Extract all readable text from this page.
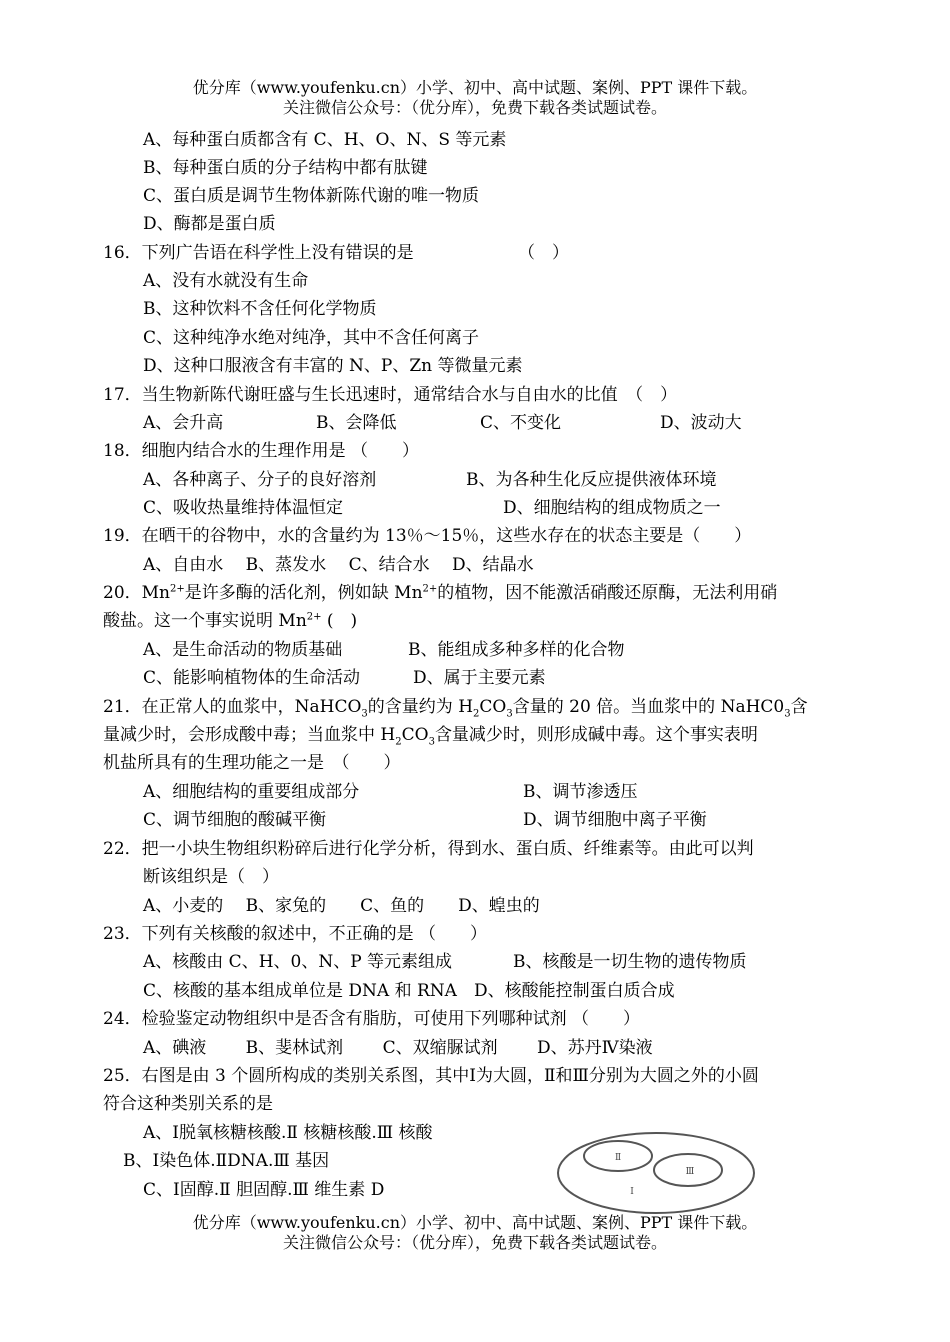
优分库（www.youfenku.cn）小学、初中、高中试题、案例、PPT 课件下载。
关注微信公众号：（优分库），免费下载各类试题试卷。
A、每种蛋白质都含有 C、H、O、N、S 等元素
B、每种蛋白质的分子结构中都有肽键
C、蛋白质是调节生物体新陈代谢的唯一物质
D、酶都是蛋白质
16．下列广告语在科学性上没有错误的是	（　）
A、没有水就没有生命
B、这种饮料不含任何化学物质
C、这种纯净水绝对纯净，其中不含任何离子
D、这种口服液含有丰富的 N、P、Zn 等微量元素
17．当生物新陈代谢旺盛与生长迅速时，通常结合水与自由水的比值　（　）
A、会升高	B、会降低	C、不变化	D、波动大
18．细胞内结合水的生理作用是 （　　）
A、各种离子、分子的良好溶剂	B、为各种生化反应提供液体环境
C、吸收热量维持体温恒定	D、细胞结构的组成物质之一
19．在晒干的谷物中，水的含量约为 13％～15％，这些水存在的状态主要是（　　）
A、自由水　 B、蒸发水　 C、结合水　 D、结晶水
20．$Mn^{2+}$是许多酶的活化剂，例如缺 $Mn^{2+}$的植物，因不能激活硝酸还原酶，无法利用硝
酸盐。这一个事实说明 $Mn^{2+}$ (　)
A、是生命活动的物质基础	B、能组成多种多样的化合物
C、能影响植物体的生命活动	D、属于主要元素
21．在正常人的血浆中，NaHCO$_3$的含量约为 $H_2CO_3$含量的 20 倍。当血浆中的 $NaHC0_3$含
量减少时，会形成酸中毒；当血浆中 $H_2CO_3$含量减少时，则形成碱中毒。这个事实表明
机盐所具有的生理功能之一是　（　　）
A、细胞结构的重要组成部分	B、调节渗透压
C、调节细胞的酸碱平衡	D、调节细胞中离子平衡
22．把一小块生物组织粉碎后进行化学分析，得到水、蛋白质、纤维素等。由此可以判
断该组织是（　）
A、小麦的　 B、家兔的　　C、鱼的　　D、蝗虫的
23．下列有关核酸的叙述中，不正确的是 （　　）
A、核酸由 C、H、0、N、P 等元素组成	B、核酸是一切生物的遗传物质
C、核酸的基本组成单位是 DNA 和 RNA　D、核酸能控制蛋白质合成
24．检验鉴定动物组织中是否含有脂肪，可使用下列哪种试剂 （　　）
A、碘液　　 B、斐林试剂　　 C、双缩脲试剂　　 D、苏丹Ⅳ染液
25．右图是由 3 个圆所构成的类别关系图，其中Ⅰ为大圆，Ⅱ和Ⅲ分别为大圆之外的小圆
符合这种类别关系的是
A、Ⅰ脱氧核糖核酸.Ⅱ 核糖核酸.Ⅲ 核酸
B、Ⅰ染色体.ⅡDNA.Ⅲ 基因
C、Ⅰ固醇.Ⅱ 胆固醇.Ⅲ 维生素 D
Ⅱ
Ⅲ
Ⅰ
优分库（www.youfenku.cn）小学、初中、高中试题、案例、PPT 课件下载。
关注微信公众号：（优分库），免费下载各类试题试卷。
